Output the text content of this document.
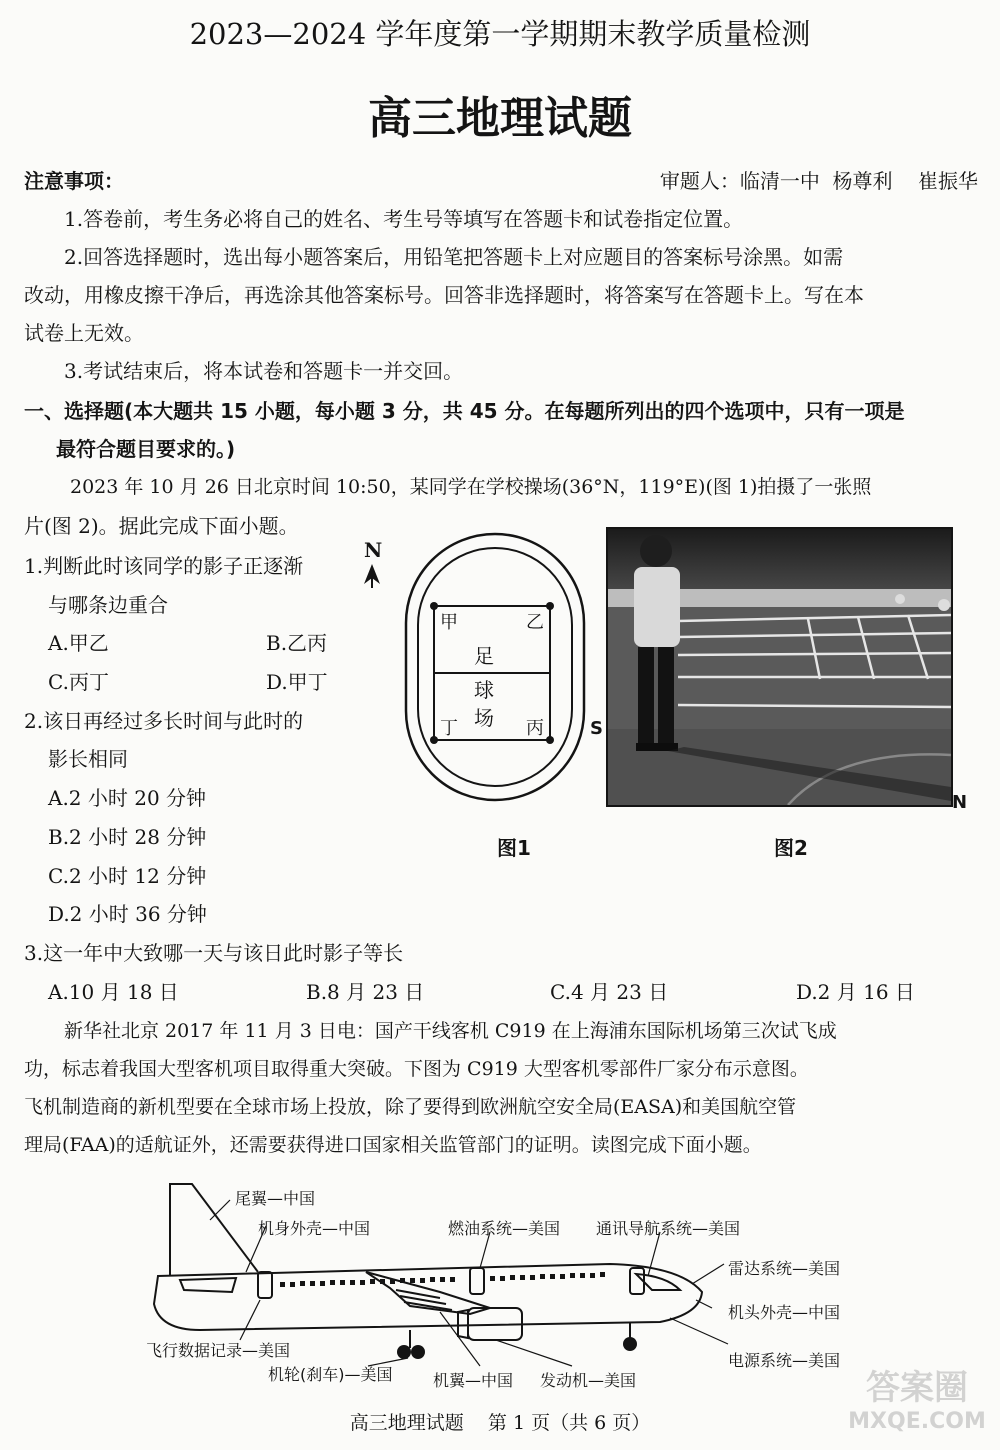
2023—2024 学年度第一学期期末教学质量检测
高三地理试题
注意事项：	审题人：临清一中  杨尊利    崔振华
1.答卷前，考生务必将自己的姓名、考生号等填写在答题卡和试卷指定位置。
2.回答选择题时，选出每小题答案后，用铅笔把答题卡上对应题目的答案标号涂黑。如需
改动，用橡皮擦干净后，再选涂其他答案标号。回答非选择题时，将答案写在答题卡上。写在本
试卷上无效。
3.考试结束后，将本试卷和答题卡一并交回。
一、选择题(本大题共 15 小题，每小题 3 分，共 45 分。在每题所列出的四个选项中，只有一项是
最符合题目要求的。)
2023 年 10 月 26 日北京时间 10:50，某同学在学校操场(36°N，119°E)(图 1)拍摄了一张照
片(图 2)。据此完成下面小题。
1.判断此时该同学的影子正逐渐
与哪条边重合
A.甲乙	B.乙丙
C.丙丁	D.甲丁
2.该日再经过多长时间与此时的
影长相同
A.2 小时 20 分钟
B.2 小时 28 分钟
C.2 小时 12 分钟
D.2 小时 36 分钟
3.这一年中大致哪一天与该日此时影子等长
A.10 月 18 日	B.8 月 23 日	C.4 月 23 日	D.2 月 16 日
N
甲	乙
丙
丁
足
球
场
图1
S
N
图2
新华社北京 2017 年 11 月 3 日电：国产干线客机 C919 在上海浦东国际机场第三次试飞成
功，标志着我国大型客机项目取得重大突破。下图为 C919 大型客机零部件厂家分布示意图。
飞机制造商的新机型要在全球市场上投放，除了要得到欧洲航空安全局(EASA)和美国航空管
理局(FAA)的适航证外，还需要获得进口国家相关监管部门的证明。读图完成下面小题。
尾翼—中国
机身外壳—中国	燃油系统—美国 通讯导航系统—美国
雷达系统—美国
机头外壳—中国
电源系统—美国
飞行数据记录—美国
机轮(刹车)—美国	机翼—中国 发动机—美国
高三地理试题    第 1 页（共 6 页）
答案圈
MXQE.COM
